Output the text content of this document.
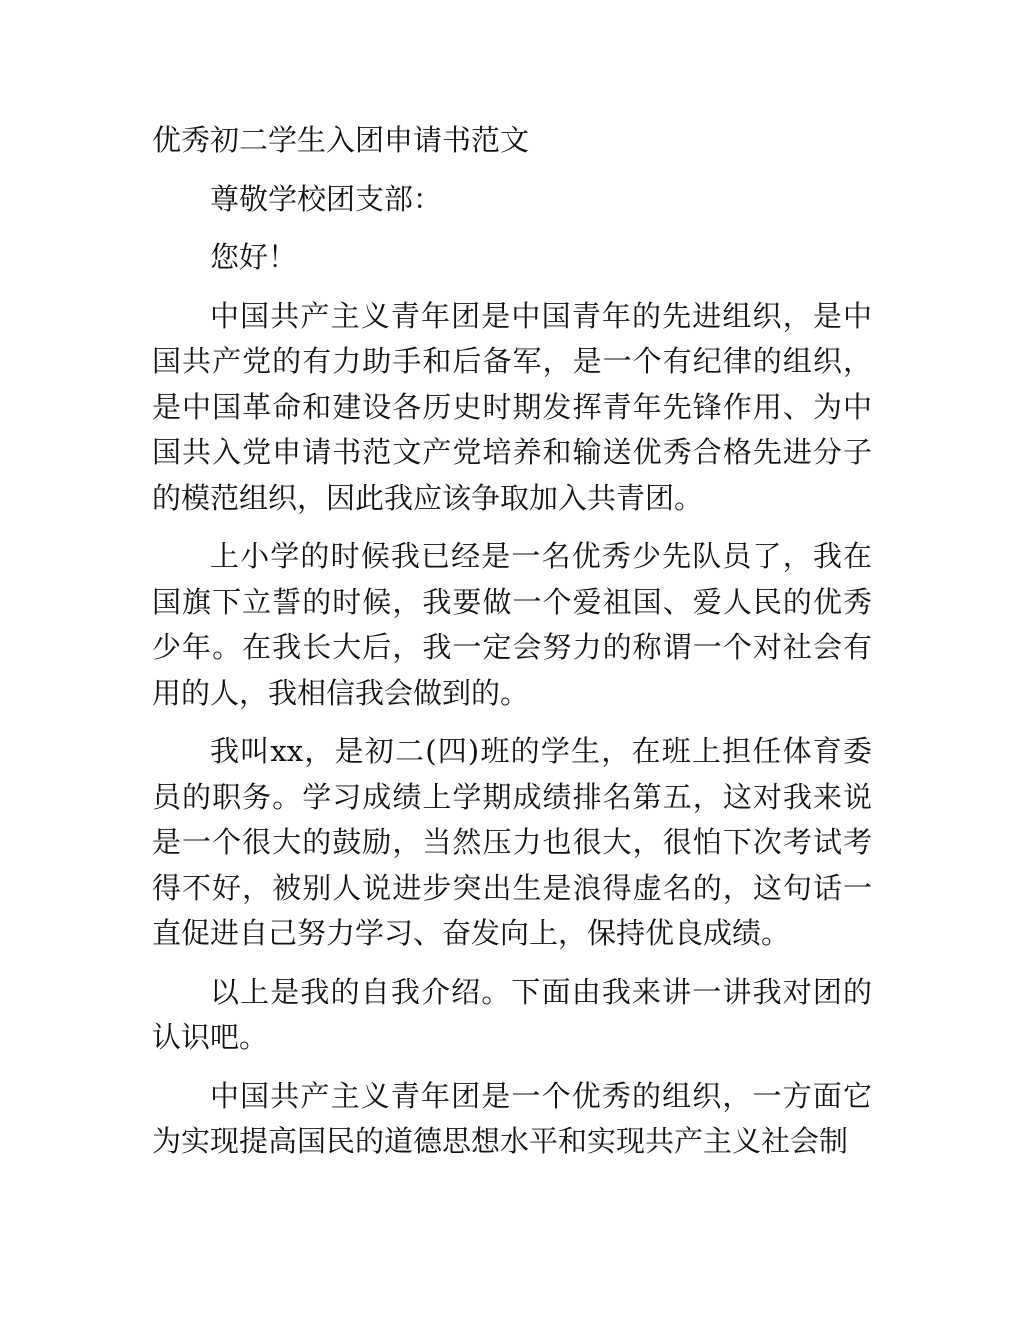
优秀初二学生入团申请书范文

尊敬学校团支部：

您好！

中国共产主义青年团是中国青年的先进组织，是中国共产党的有力助手和后备军，是一个有纪律的组织，是中国革命和建设各历史时期发挥青年先锋作用、为中国共入党申请书范文产党培养和输送优秀合格先进分子的模范组织，因此我应该争取加入共青团。

上小学的时候我已经是一名优秀少先队员了，我在国旗下立誓的时候，我要做一个爱祖国、爱人民的优秀少年。在我长大后，我一定会努力的称谓一个对社会有用的人，我相信我会做到的。

我叫xx，是初二(四)班的学生，在班上担任体育委员的职务。学习成绩上学期成绩排名第五，这对我来说是一个很大的鼓励，当然压力也很大，很怕下次考试考得不好，被别人说进步突出生是浪得虚名的，这句话一直促进自己努力学习、奋发向上，保持优良成绩。

以上是我的自我介绍。下面由我来讲一讲我对团的认识吧。

中国共产主义青年团是一个优秀的组织，一方面它为实现提高国民的道德思想水平和实现共产主义社会制
